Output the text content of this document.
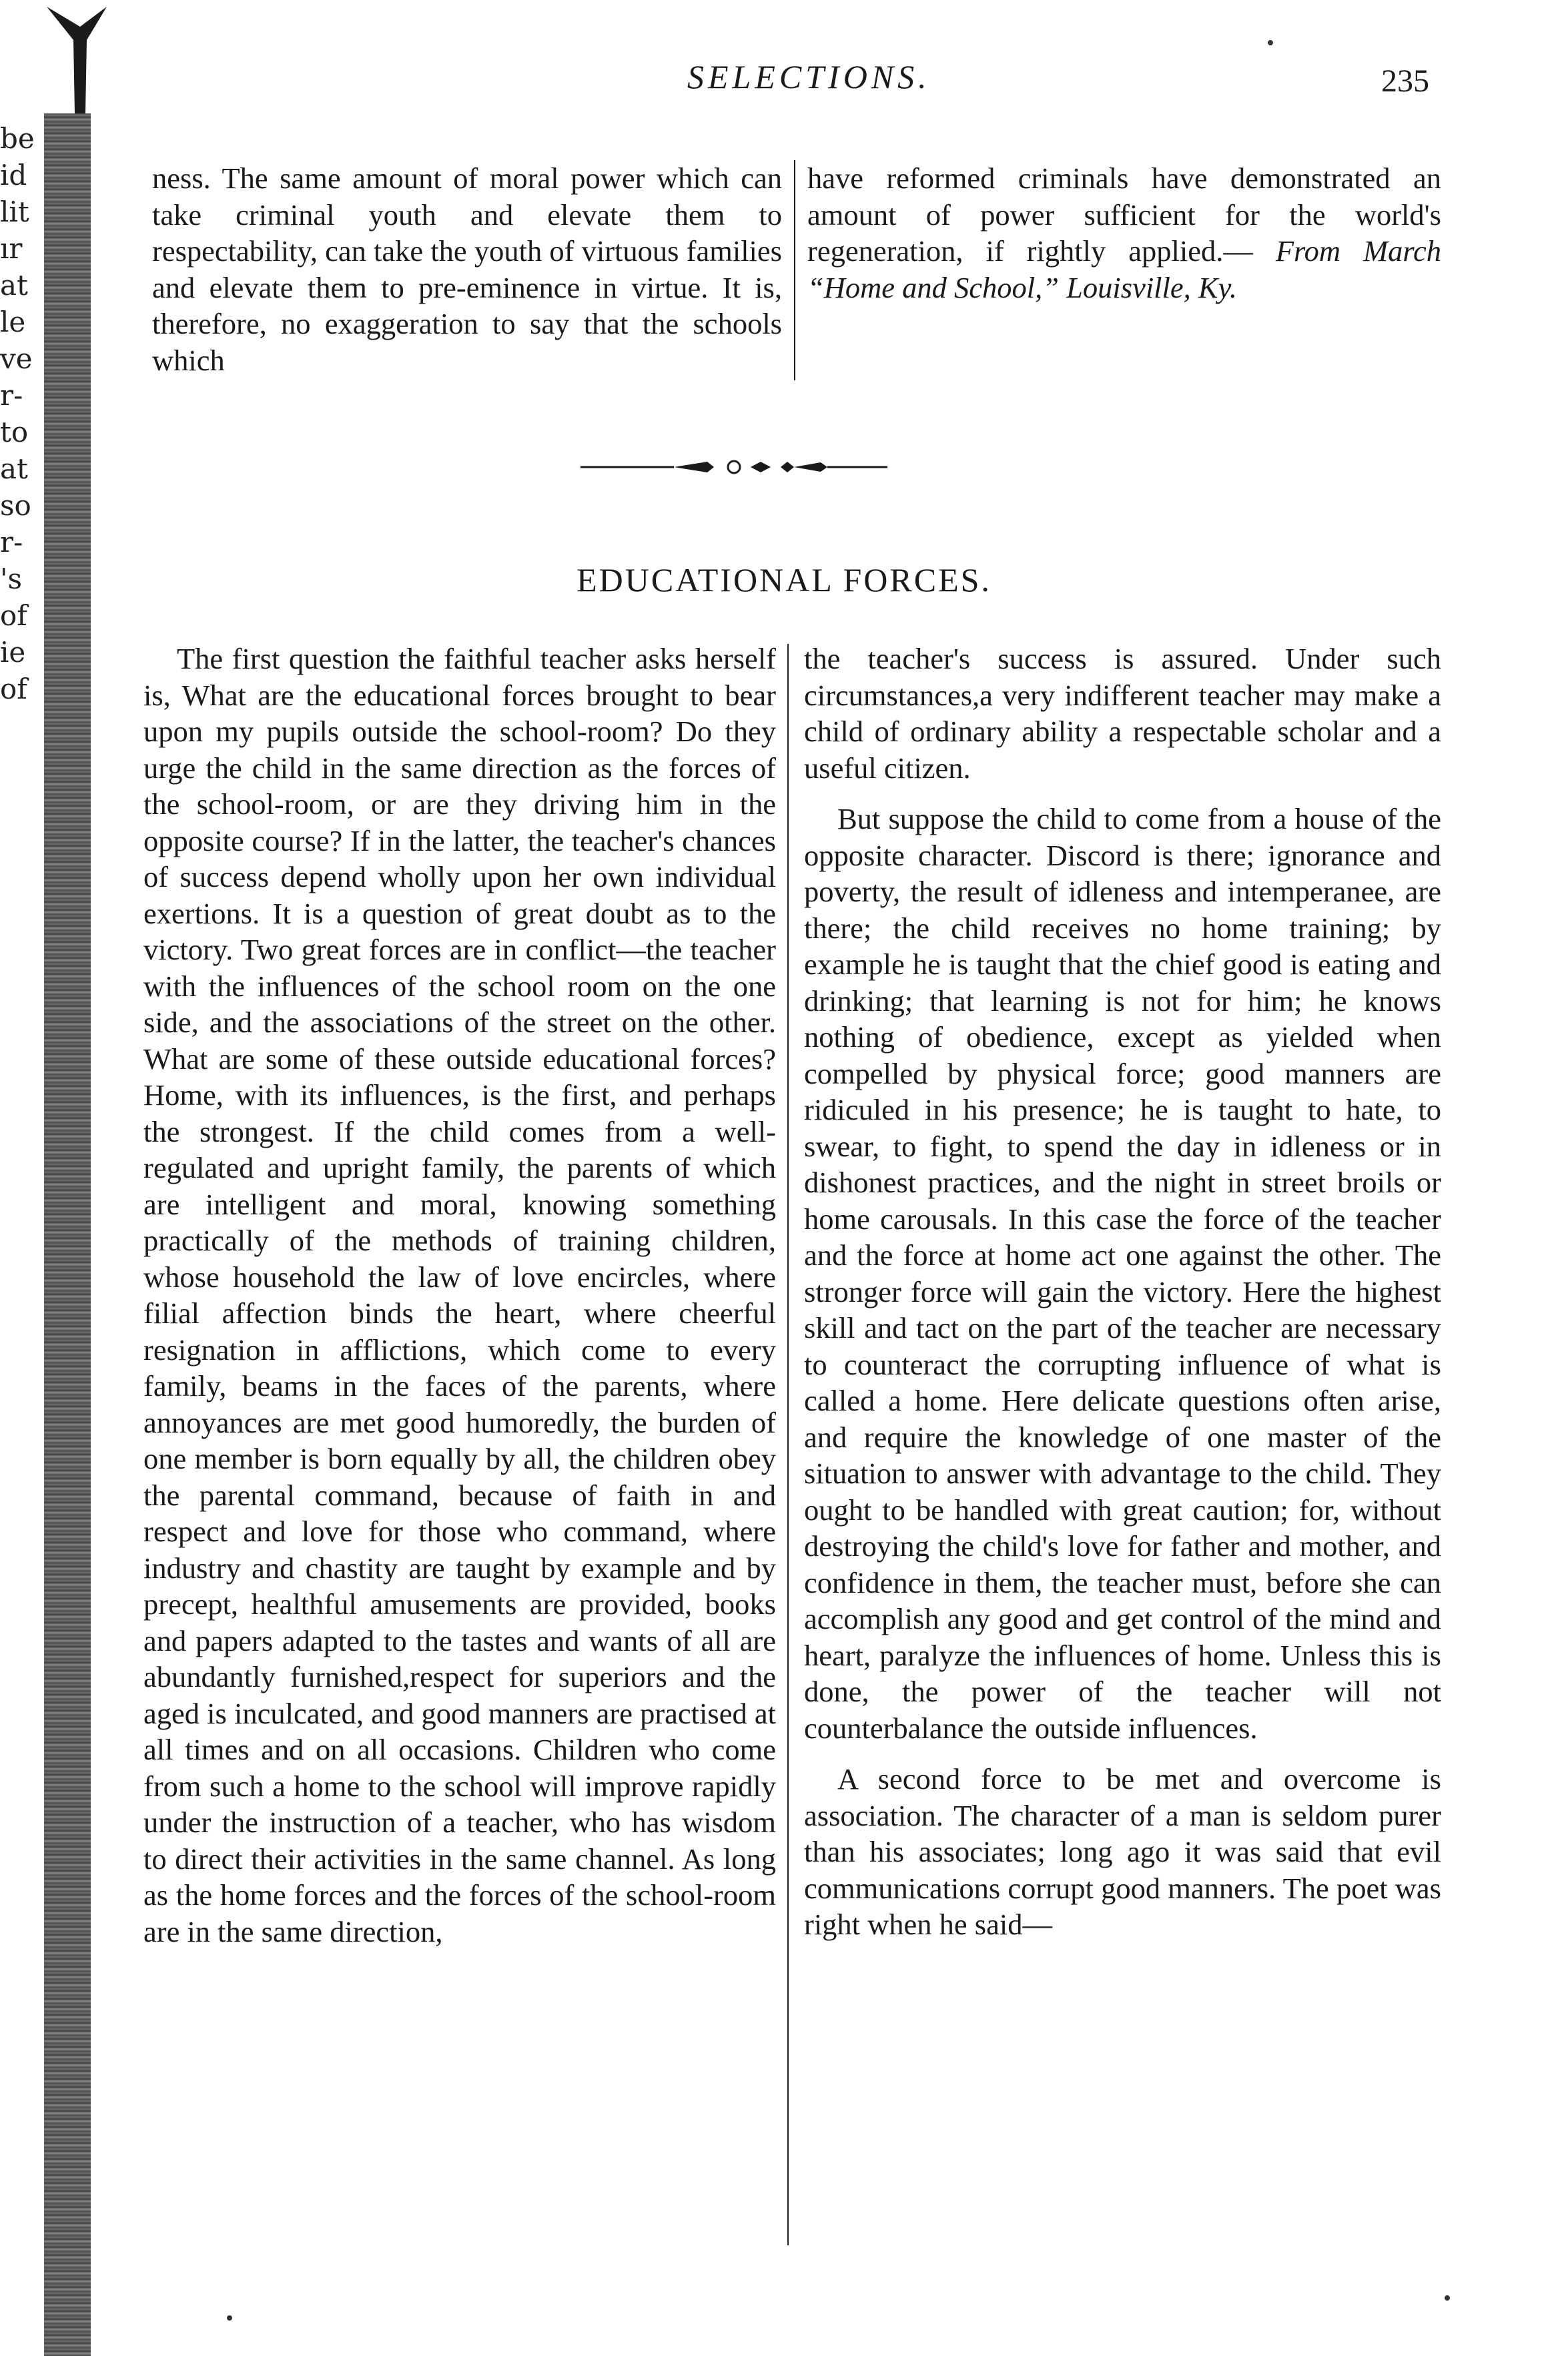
be
id
lit
ır
at
le
ve
r-
to
at
so
r-
's
of
ie
of
SELECTIONS.	235

ness. The same amount of moral power which can take criminal youth and elevate them to respectability, can take the youth of virtuous families and elevate them to pre-eminence in virtue. It is, therefore, no exaggeration to say that the schools which

have reformed criminals have demonstrated an amount of power sufficient for the world's regeneration, if rightly applied.— From March “Home and School,” Louisville, Ky.

EDUCATIONAL FORCES.

The first question the faithful teacher asks herself is, What are the educational forces brought to bear upon my pupils outside the school-room? Do they urge the child in the same direction as the forces of the school-room, or are they driving him in the opposite course? If in the latter, the teacher's chances of success depend wholly upon her own individual exertions. It is a question of great doubt as to the victory. Two great forces are in conflict—the teacher with the influences of the school room on the one side, and the associations of the street on the other. What are some of these outside educational forces? Home, with its influences, is the first, and perhaps the strongest. If the child comes from a well-regulated and upright family, the parents of which are intelligent and moral, knowing something practically of the methods of training children, whose household the law of love encircles, where filial affection binds the heart, where cheerful resignation in afflictions, which come to every family, beams in the faces of the parents, where annoyances are met good humoredly, the burden of one member is born equally by all, the children obey the parental command, because of faith in and respect and love for those who command, where industry and chastity are taught by example and by precept, healthful amusements are provided, books and papers adapted to the tastes and wants of all are abundantly furnished,respect for superiors and the aged is inculcated, and good manners are practised at all times and on all occasions. Children who come from such a home to the school will improve rapidly under the instruction of a teacher, who has wisdom to direct their activities in the same channel. As long as the home forces and the forces of the school-room are in the same direction,

the teacher's success is assured. Under such circumstances,a very indifferent teacher may make a child of ordinary ability a respectable scholar and a useful citizen.

But suppose the child to come from a house of the opposite character. Discord is there; ignorance and poverty, the result of idleness and intemperanee, are there; the child receives no home training; by example he is taught that the chief good is eating and drinking; that learning is not for him; he knows nothing of obedience, except as yielded when compelled by physical force; good manners are ridiculed in his presence; he is taught to hate, to swear, to fight, to spend the day in idleness or in dishonest practices, and the night in street broils or home carousals. In this case the force of the teacher and the force at home act one against the other. The stronger force will gain the victory. Here the highest skill and tact on the part of the teacher are necessary to counteract the corrupting influence of what is called a home. Here delicate questions often arise, and require the knowledge of one master of the situation to answer with advantage to the child. They ought to be handled with great caution; for, without destroying the child's love for father and mother, and confidence in them, the teacher must, before she can accomplish any good and get control of the mind and heart, paralyze the influences of home. Unless this is done, the power of the teacher will not counterbalance the outside influences.

A second force to be met and overcome is association. The character of a man is seldom purer than his associates; long ago it was said that evil communications corrupt good manners. The poet was right when he said—
